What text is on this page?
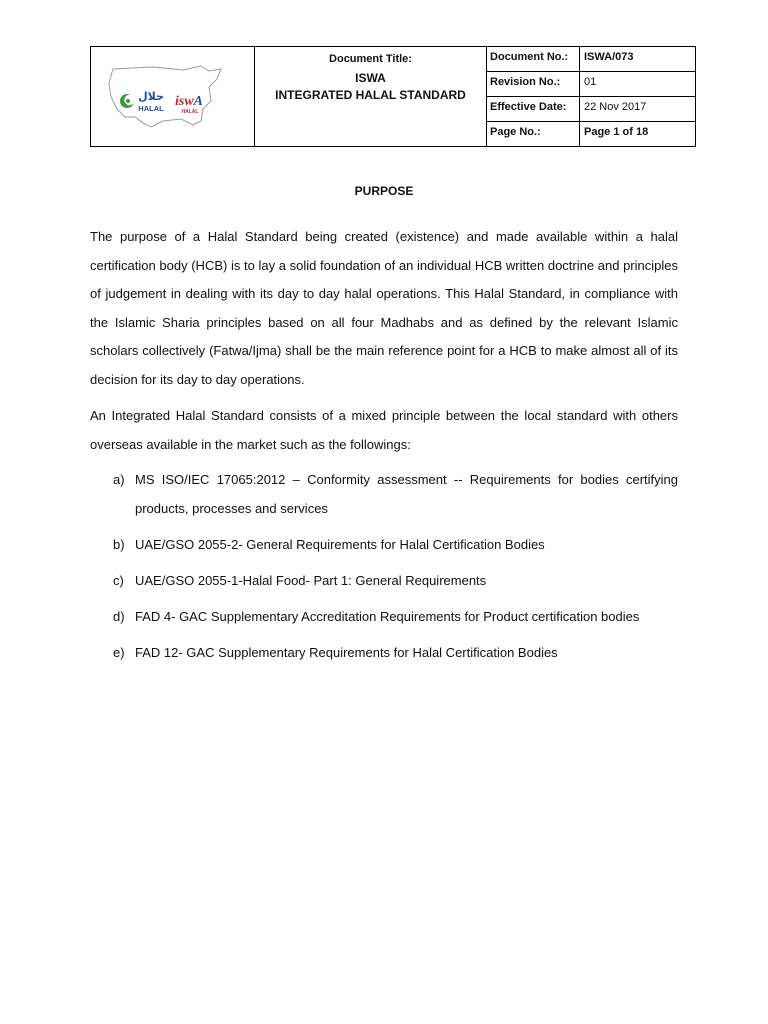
حلال
HALAL iswA
HALAL
Document Title:
ISWA
INTEGRATED HALAL STANDARD
Document No.:	ISWA/073
Revision No.:	01
Effective Date:	22 Nov 2017
Page No.:	Page 1 of 18
PURPOSE
The purpose of a Halal Standard being created (existence) and made available within a halal certification body (HCB) is to lay a solid foundation of an individual HCB written doctrine and principles of judgement in dealing with its day to day halal operations. This Halal Standard, in compliance with the Islamic Sharia principles based on all four Madhabs and as defined by the relevant Islamic scholars collectively (Fatwa/Ijma) shall be the main reference point for a HCB to make almost all of its decision for its day to day operations.
An Integrated Halal Standard consists of a mixed principle between the local standard with others overseas available in the market such as the followings:
a) MS ISO/IEC 17065:2012 – Conformity assessment -- Requirements for bodies certifying products, processes and services
b) UAE/GSO 2055-2- General Requirements for Halal Certification Bodies
c) UAE/GSO 2055-1-Halal Food- Part 1: General Requirements
d) FAD 4- GAC Supplementary Accreditation Requirements for Product certification bodies
e) FAD 12- GAC Supplementary Requirements for Halal Certification Bodies
